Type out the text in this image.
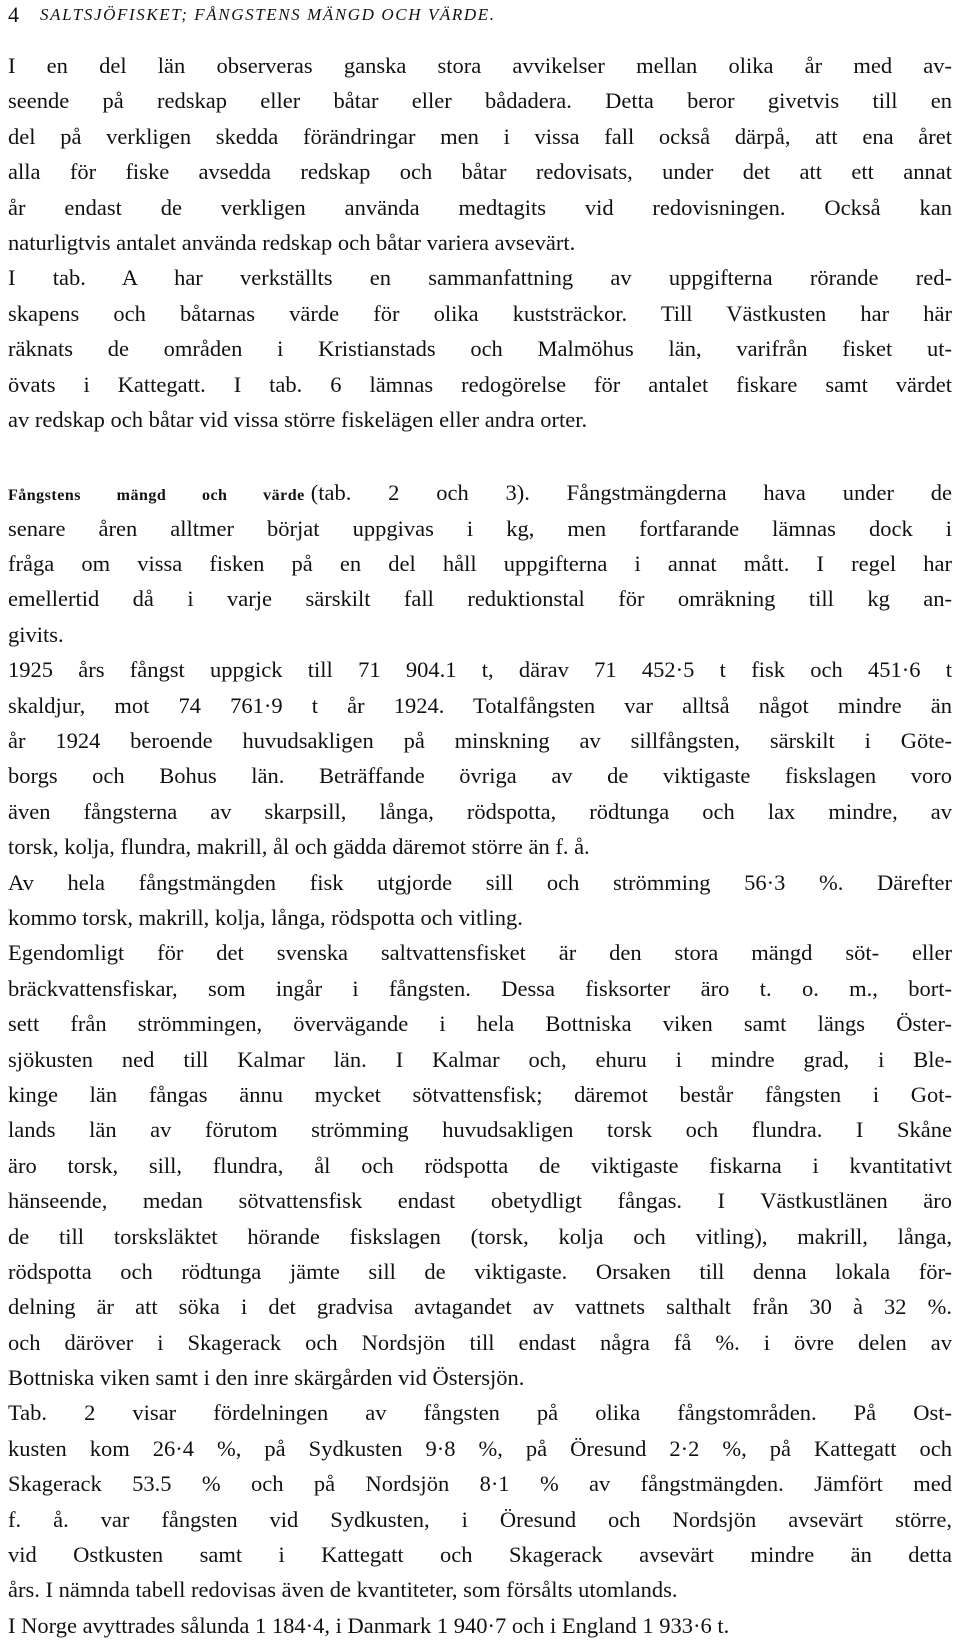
4 SALTSJÖFISKET; FÅNGSTENS MÄNGD OCH VÄRDE.
I en del län observeras ganska stora avvikelser mellan olika år med av-
seende på redskap eller båtar eller bådadera. Detta beror givetvis till en
del på verkligen skedda förändringar men i vissa fall också därpå, att ena året
alla för fiske avsedda redskap och båtar redovisats, under det att ett annat
år endast de verkligen använda medtagits vid redovisningen. Också kan
naturligtvis antalet använda redskap och båtar variera avsevärt.
I tab. A har verkställts en sammanfattning av uppgifterna rörande red-
skapens och båtarnas värde för olika kuststräckor. Till Västkusten har här
räknats de områden i Kristianstads och Malmöhus län, varifrån fisket ut-
övats i Kattegatt. I tab. 6 lämnas redogörelse för antalet fiskare samt värdet
av redskap och båtar vid vissa större fiskelägen eller andra orter.
Fångstens mängd och värde (tab. 2 och 3). Fångstmängderna hava under de
senare åren alltmer börjat uppgivas i kg, men fortfarande lämnas dock i
fråga om vissa fisken på en del håll uppgifterna i annat mått. I regel har
emellertid då i varje särskilt fall reduktionstal för omräkning till kg an-
givits.
1925 års fångst uppgick till 71 904.1 t, därav 71 452·5 t fisk och 451·6 t
skaldjur, mot 74 761·9 t år 1924. Totalfångsten var alltså något mindre än
år 1924 beroende huvudsakligen på minskning av sillfångsten, särskilt i Göte-
borgs och Bohus län. Beträffande övriga av de viktigaste fiskslagen voro
även fångsterna av skarpsill, långa, rödspotta, rödtunga och lax mindre, av
torsk, kolja, flundra, makrill, ål och gädda däremot större än f. å.
Av hela fångstmängden fisk utgjorde sill och strömming 56·3 %. Därefter
kommo torsk, makrill, kolja, långa, rödspotta och vitling.
Egendomligt för det svenska saltvattensfisket är den stora mängd söt- eller
bräckvattensfiskar, som ingår i fångsten. Dessa fisksorter äro t. o. m., bort-
sett från strömmingen, övervägande i hela Bottniska viken samt längs Öster-
sjökusten ned till Kalmar län. I Kalmar och, ehuru i mindre grad, i Ble-
kinge län fångas ännu mycket sötvattensfisk; däremot består fångsten i Got-
lands län av förutom strömming huvudsakligen torsk och flundra. I Skåne
äro torsk, sill, flundra, ål och rödspotta de viktigaste fiskarna i kvantitativt
hänseende, medan sötvattensfisk endast obetydligt fångas. I Västkustlänen äro
de till torsksläktet hörande fiskslagen (torsk, kolja och vitling), makrill, långa,
rödspotta och rödtunga jämte sill de viktigaste. Orsaken till denna lokala för-
delning är att söka i det gradvisa avtagandet av vattnets salthalt från 30 à 32 %.
och däröver i Skagerack och Nordsjön till endast några få %. i övre delen av
Bottniska viken samt i den inre skärgården vid Östersjön.
Tab. 2 visar fördelningen av fångsten på olika fångstområden. På Ost-
kusten kom 26·4 %, på Sydkusten 9·8 %, på Öresund 2·2 %, på Kattegatt och
Skagerack 53.5 % och på Nordsjön 8·1 % av fångstmängden. Jämfört med
f. å. var fångsten vid Sydkusten, i Öresund och Nordsjön avsevärt större,
vid Ostkusten samt i Kattegatt och Skagerack avsevärt mindre än detta
års. I nämnda tabell redovisas även de kvantiteter, som försålts utomlands.
I Norge avyttrades sålunda 1 184·4, i Danmark 1 940·7 och i England 1 933·6 t.
